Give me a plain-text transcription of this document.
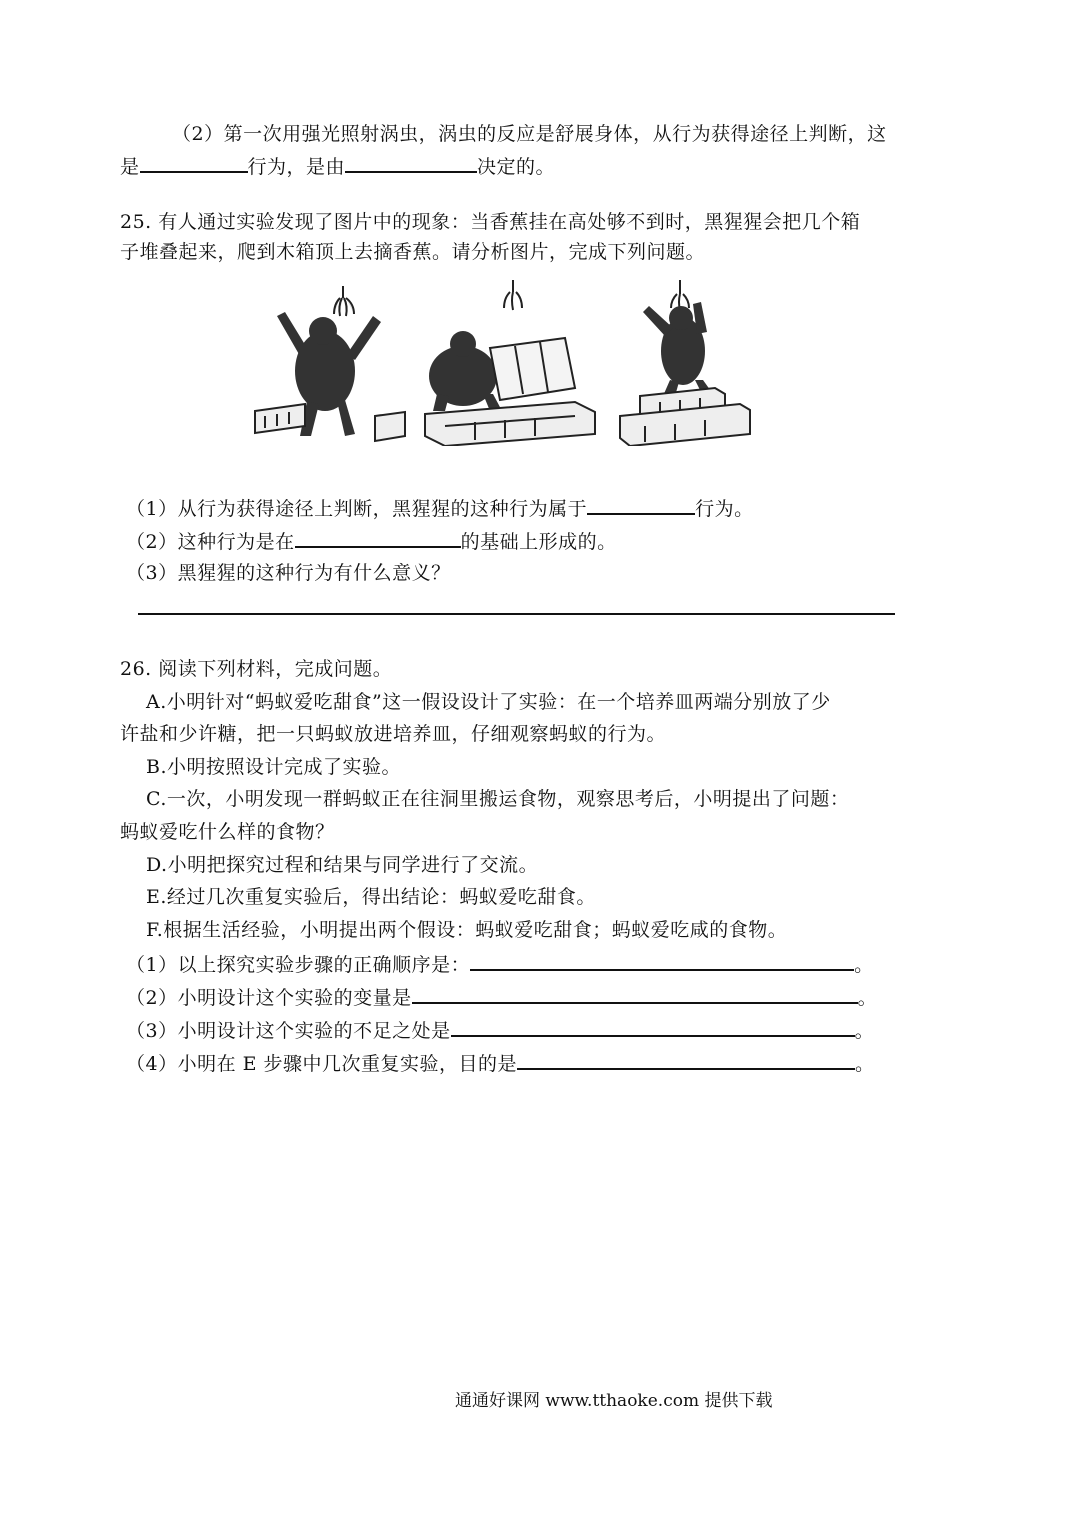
（2）第一次用强光照射涡虫，涡虫的反应是舒展身体，从行为获得途径上判断，这
是	行为，是由	决定的。
25. 有人通过实验发现了图片中的现象：当香蕉挂在高处够不到时，黑猩猩会把几个箱
子堆叠起来，爬到木箱顶上去摘香蕉。请分析图片，完成下列问题。
（1）从行为获得途径上判断，黑猩猩的这种行为属于	行为。
（2）这种行为是在	的基础上形成的。
（3）黑猩猩的这种行为有什么意义？
26. 阅读下列材料，完成问题。
A.小明针对“蚂蚁爱吃甜食”这一假设设计了实验：在一个培养皿两端分别放了少
许盐和少许糖，把一只蚂蚁放进培养皿，仔细观察蚂蚁的行为。
B.小明按照设计完成了实验。
C.一次，小明发现一群蚂蚁正在往洞里搬运食物，观察思考后，小明提出了问题：
蚂蚁爱吃什么样的食物？
D.小明把探究过程和结果与同学进行了交流。
E.经过几次重复实验后，得出结论：蚂蚁爱吃甜食。
F.根据生活经验，小明提出两个假设：蚂蚁爱吃甜食；蚂蚁爱吃咸的食物。
（1）以上探究实验步骤的正确顺序是：	。
（2）小明设计这个实验的变量是	。
（3）小明设计这个实验的不足之处是	。
（4）小明在 E 步骤中几次重复实验，目的是	。
通通好课网 www.tthaoke.com 提供下载
